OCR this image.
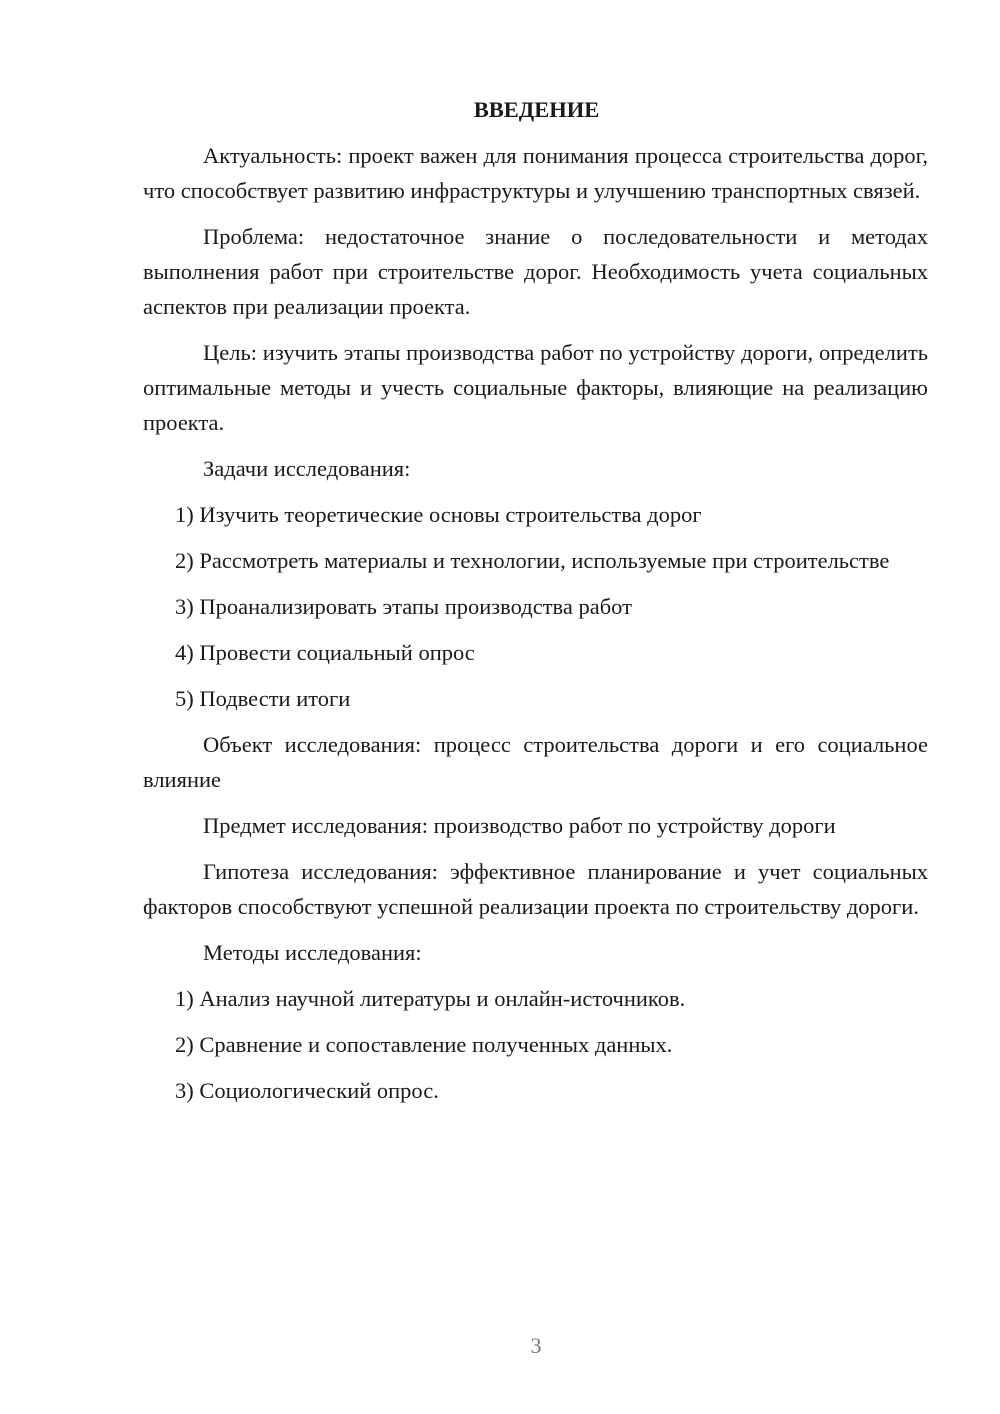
ВВЕДЕНИЕ

Актуальность: проект важен для понимания процесса строительства дорог, что способствует развитию инфраструктуры и улучшению транспортных связей.

Проблема: недостаточное знание о последовательности и методах выполнения работ при строительстве дорог. Необходимость учета социальных аспектов при реализации проекта.

Цель: изучить этапы производства работ по устройству дороги, определить оптимальные методы и учесть социальные факторы, влияющие на реализацию проекта.

Задачи исследования:

1) Изучить теоретические основы строительства дорог

2) Рассмотреть материалы и технологии, используемые при строительстве

3) Проанализировать этапы производства работ

4) Провести социальный опрос

5) Подвести итоги

Объект исследования: процесс строительства дороги и его социальное влияние

Предмет исследования: производство работ по устройству дороги

Гипотеза исследования: эффективное планирование и учет социальных факторов способствуют успешной реализации проекта по строительству дороги.

Методы исследования:

1) Анализ научной литературы и онлайн-источников.

2) Сравнение и сопоставление полученных данных.

3) Социологический опрос.

3
